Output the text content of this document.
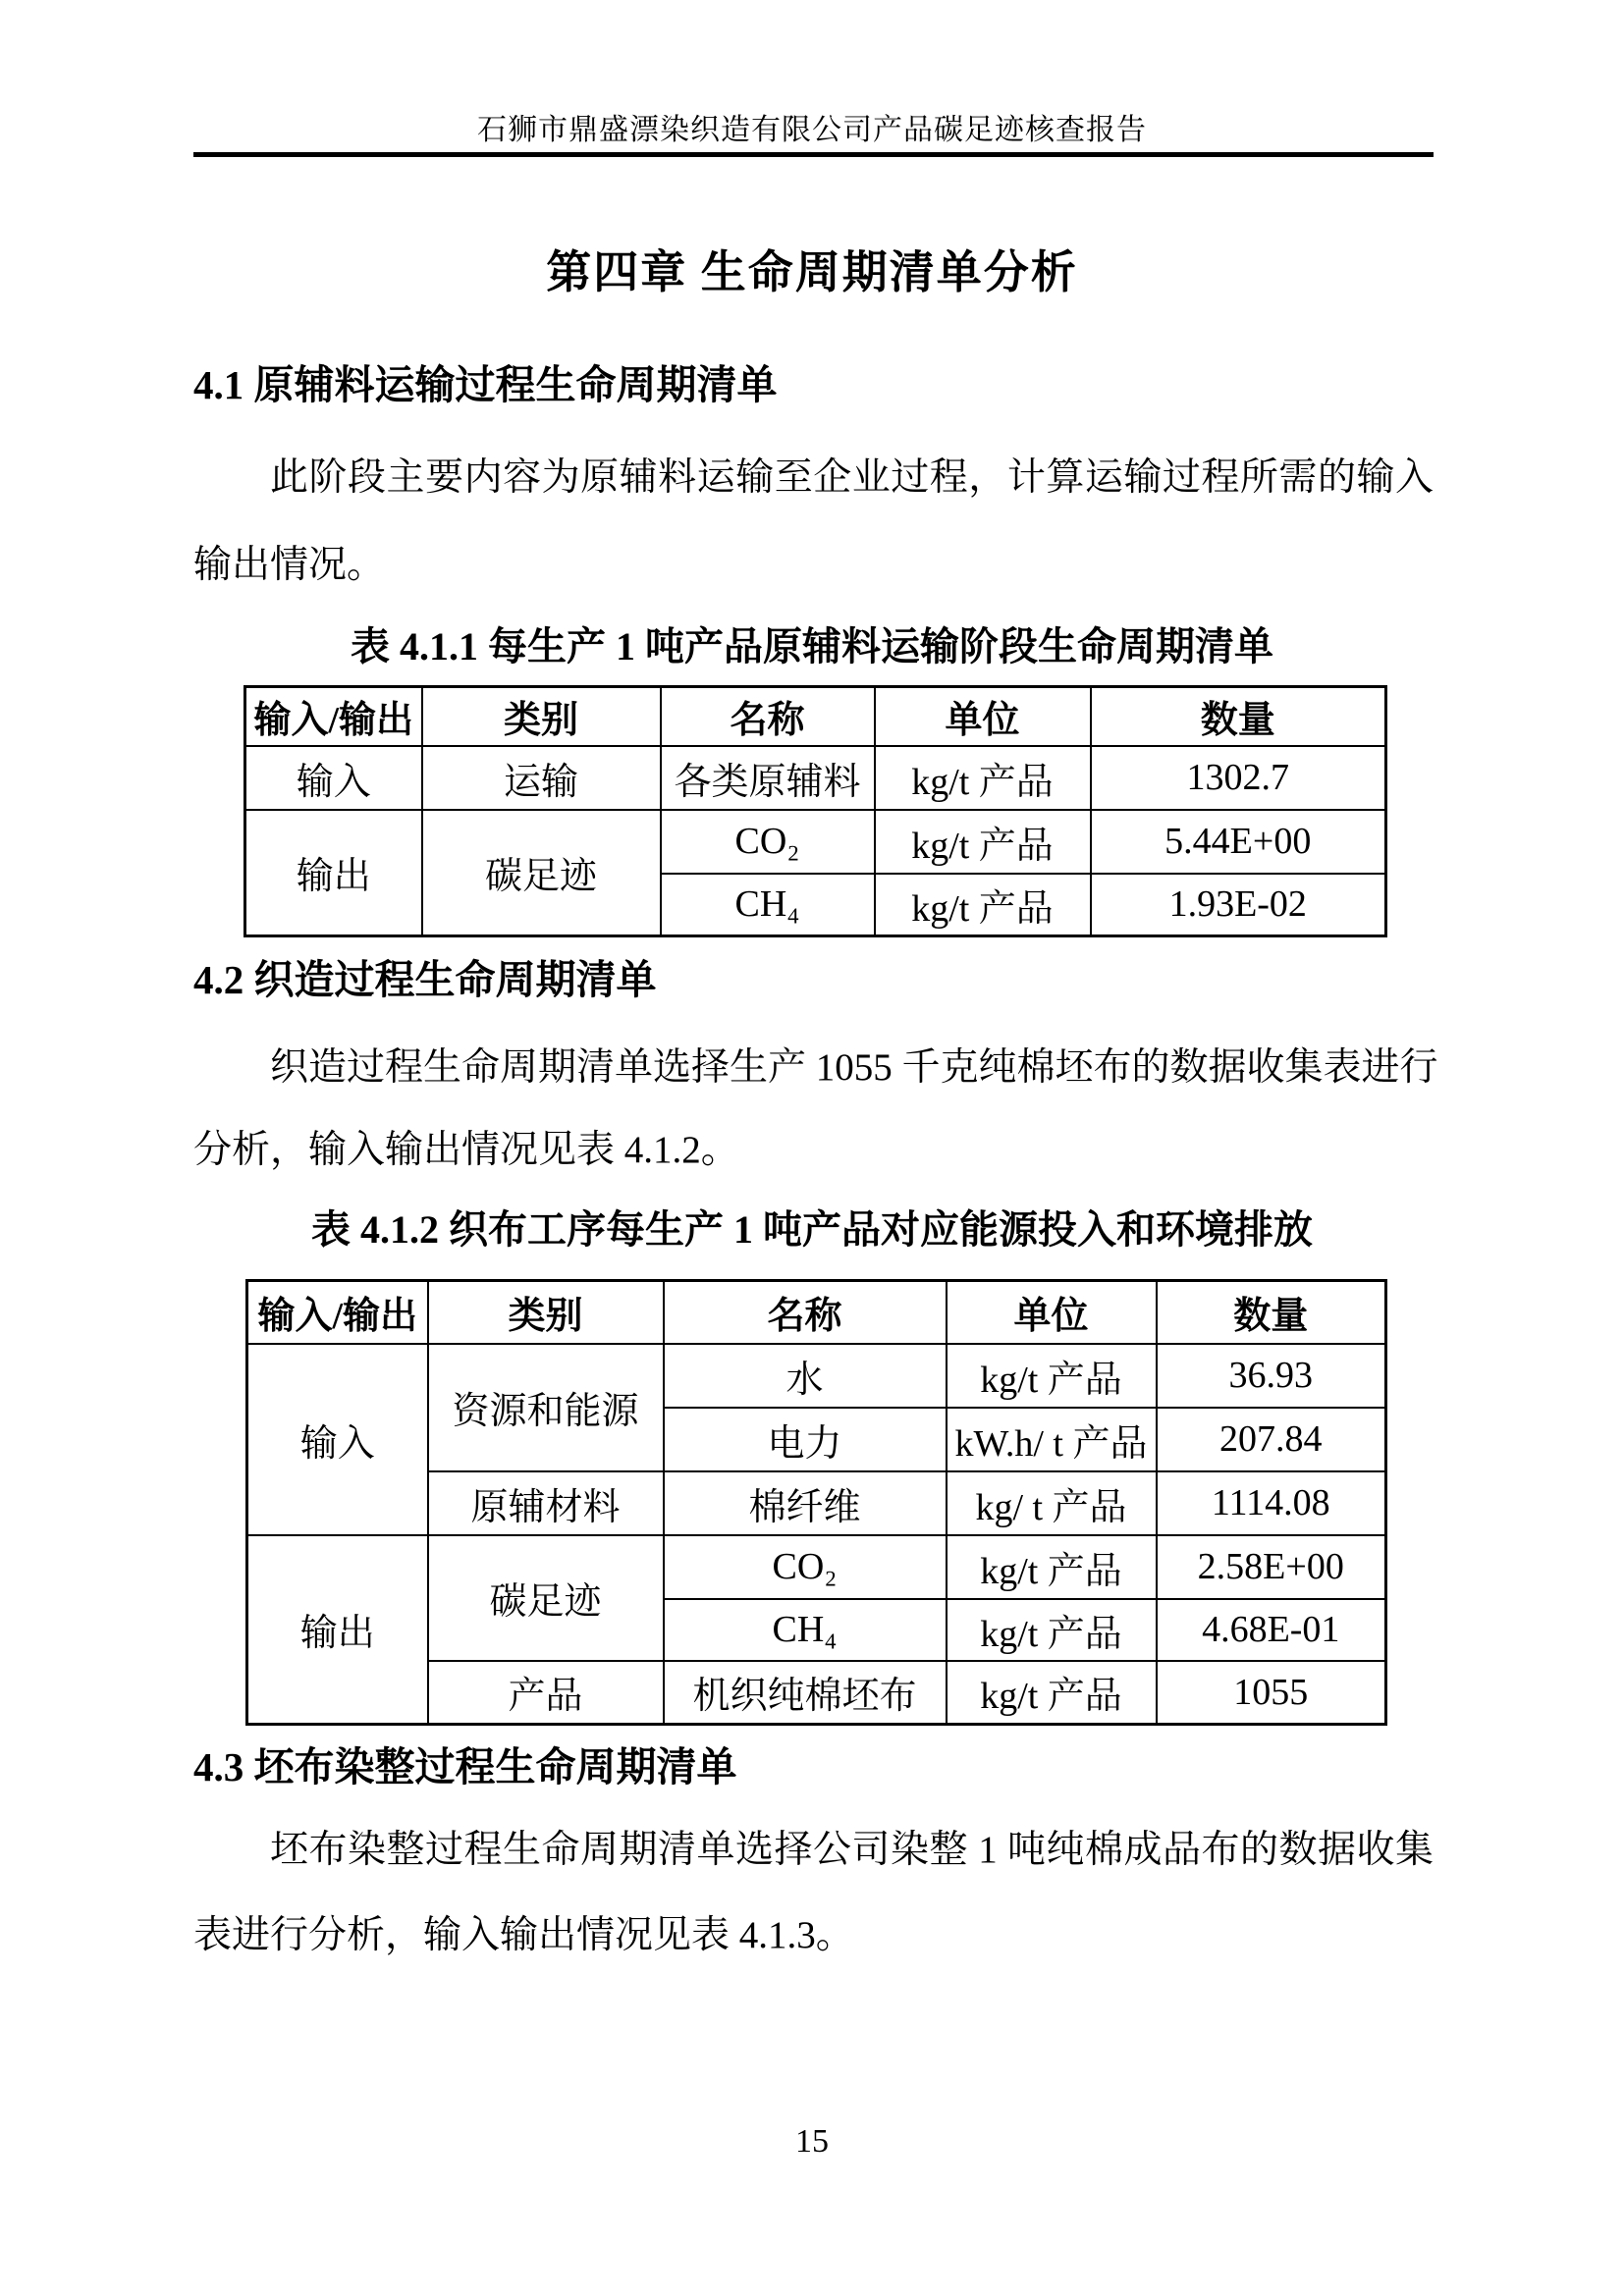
石狮市鼎盛漂染织造有限公司产品碳足迹核查报告
第四章 生命周期清单分析
4.1 原辅料运输过程生命周期清单
此阶段主要内容为原辅料运输至企业过程，计算运输过程所需的输入
输出情况。
表 4.1.1 每生产 1 吨产品原辅料运输阶段生命周期清单
输入/输出	类别	名称	单位	数量
输入	运输	各类原辅料	kg/t 产品	1302.7
输出	碳足迹	CO₂	kg/t 产品	5.44E+00
		CH₄	kg/t 产品	1.93E-02
4.2 织造过程生命周期清单
织造过程生命周期清单选择生产 1055 千克纯棉坯布的数据收集表进行
分析，输入输出情况见表 4.1.2。
表 4.1.2 织布工序每生产 1 吨产品对应能源投入和环境排放
输入/输出	类别	名称	单位	数量
输入	资源和能源	水	kg/t 产品	36.93
		电力	kW.h/ t 产品	207.84
	原辅材料	棉纤维	kg/ t 产品	1114.08
输出	碳足迹	CO₂	kg/t 产品	2.58E+00
		CH₄	kg/t 产品	4.68E-01
	产品	机织纯棉坯布	kg/t 产品	1055
4.3 坯布染整过程生命周期清单
坯布染整过程生命周期清单选择公司染整 1 吨纯棉成品布的数据收集
表进行分析，输入输出情况见表 4.1.3。
15
